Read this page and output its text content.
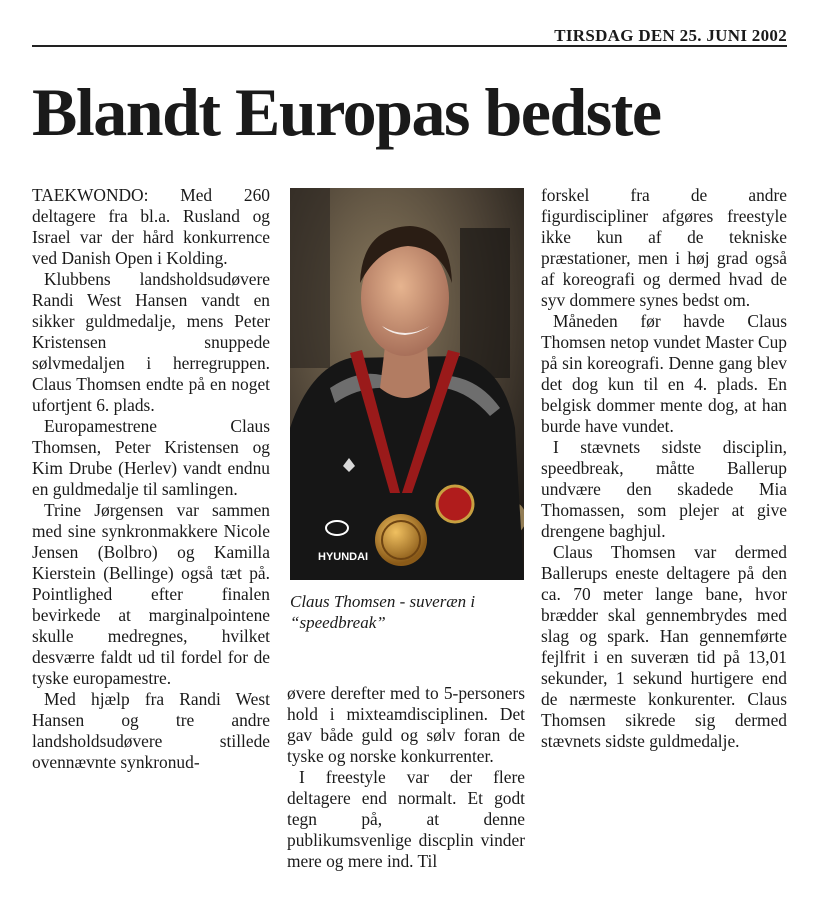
TIRSDAG DEN 25. JUNI 2002
Blandt Europas bedste

TAEKWONDO: Med 260 deltagere fra bl.a. Rusland og Israel var der hård konkurrence ved Danish Open i Kolding.

Klubbens landsholdsudøvere Randi West Hansen vandt en sikker guldmedalje, mens Peter Kristensen snuppede sølvmedaljen i herregruppen. Claus Thomsen endte på en noget ufortjent 6. plads.

Europamestrene Claus Thomsen, Peter Kristensen og Kim Drube (Herlev) vandt endnu en guldmedalje til samlingen.

Trine Jørgensen var sammen med sine synkronmakkere Nicole Jensen (Bolbro) og Kamilla Kierstein (Bellinge) også tæt på. Pointlighed efter finalen bevirkede at marginalpointene skulle medregnes, hvilket desværre faldt ud til fordel for de tyske europamestre.

Med hjælp fra Randi West Hansen og tre andre landsholdsudøvere stillede ovennævnte synkronud-

HYUNDAI
Claus Thomsen - suveræn i “speedbreak”

øvere derefter med to 5-personers hold i mixteamdisciplinen. Det gav både guld og sølv foran de tyske og norske konkurrenter.

I freestyle var der flere deltagere end normalt. Et godt tegn på, at denne publikumsvenlige discplin vinder mere og mere ind. Til

forskel fra de andre figurdiscipliner afgøres freestyle ikke kun af de tekniske præstationer, men i høj grad også af koreografi og dermed hvad de syv dommere synes bedst om.

Måneden før havde Claus Thomsen netop vundet Master Cup på sin koreografi. Denne gang blev det dog kun til en 4. plads. En belgisk dommer mente dog, at han burde have vundet.

I stævnets sidste disciplin, speedbreak, måtte Ballerup undvære den skadede Mia Thomassen, som plejer at give drengene baghjul.

Claus Thomsen var dermed Ballerups eneste deltagere på den ca. 70 meter lange bane, hvor brædder skal gennembrydes med slag og spark. Han gennemførte fejlfrit i en suveræn tid på 13,01 sekunder, 1 sekund hurtigere end de nærmeste konkurenter. Claus Thomsen sikrede sig dermed stævnets sidste guldmedalje.
